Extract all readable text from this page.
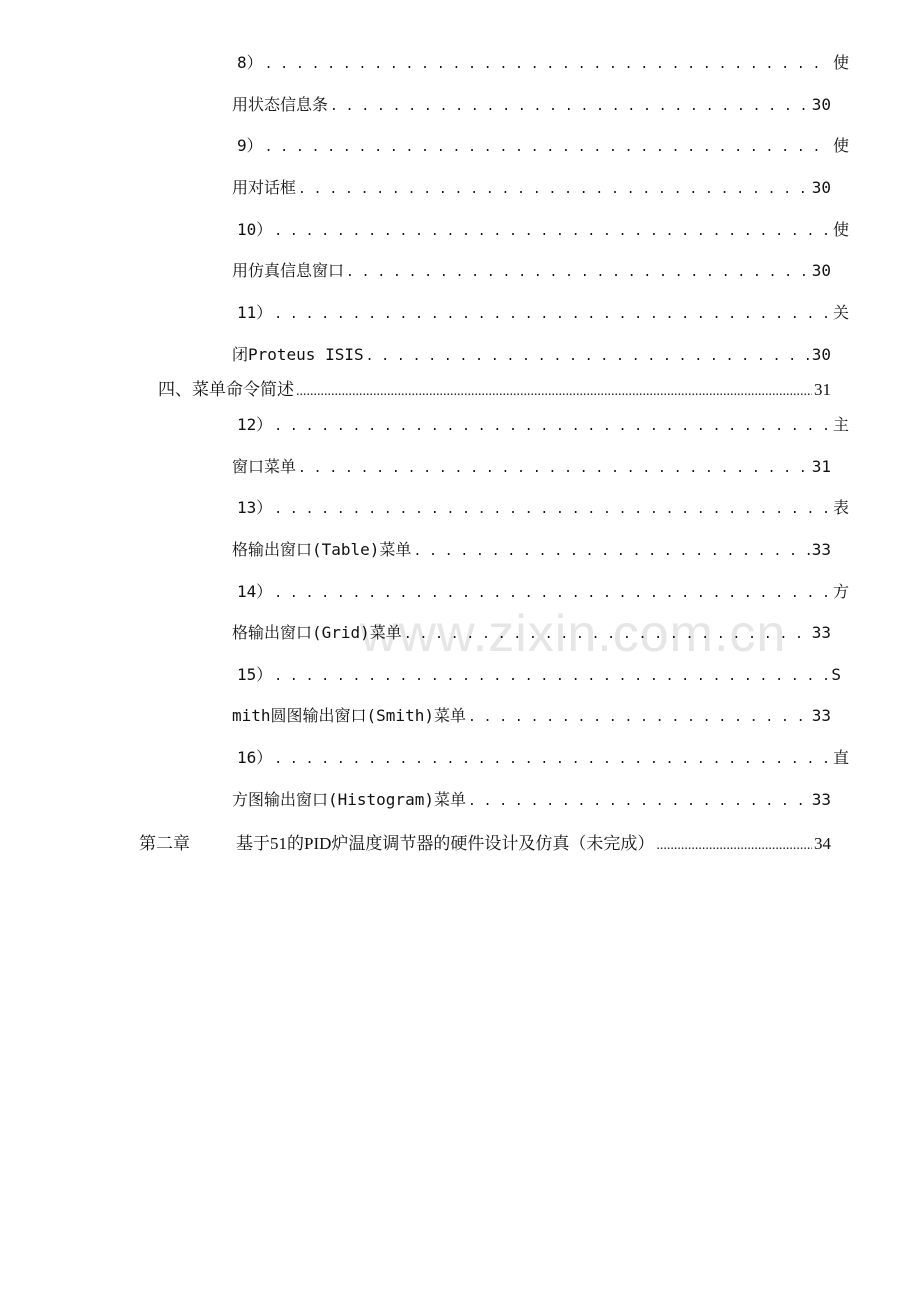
www.zixin.com.cn
8） . . .	使
用状态信息条 . . .	30
9） . . .	使
用对话框 . . .	30
10） . . .	使
用仿真信息窗口 . . .	30
11） . . .	关
闭Proteus ISIS . . .	30
四、菜单命令简述 .....	31
12） . . .	主
窗口菜单 . . .	31
13） . . .	表
格输出窗口(Table)菜单 . . .	33
14） . . .	方
格输出窗口(Grid)菜单 . . .	33
15） . . .	S
mith圆图输出窗口(Smith)菜单 . . .	33
16） . . .	直
方图输出窗口(Histogram)菜单 . . .	33
第二章	基于51的PID炉温度调节器的硬件设计及仿真（未完成） .....	34
